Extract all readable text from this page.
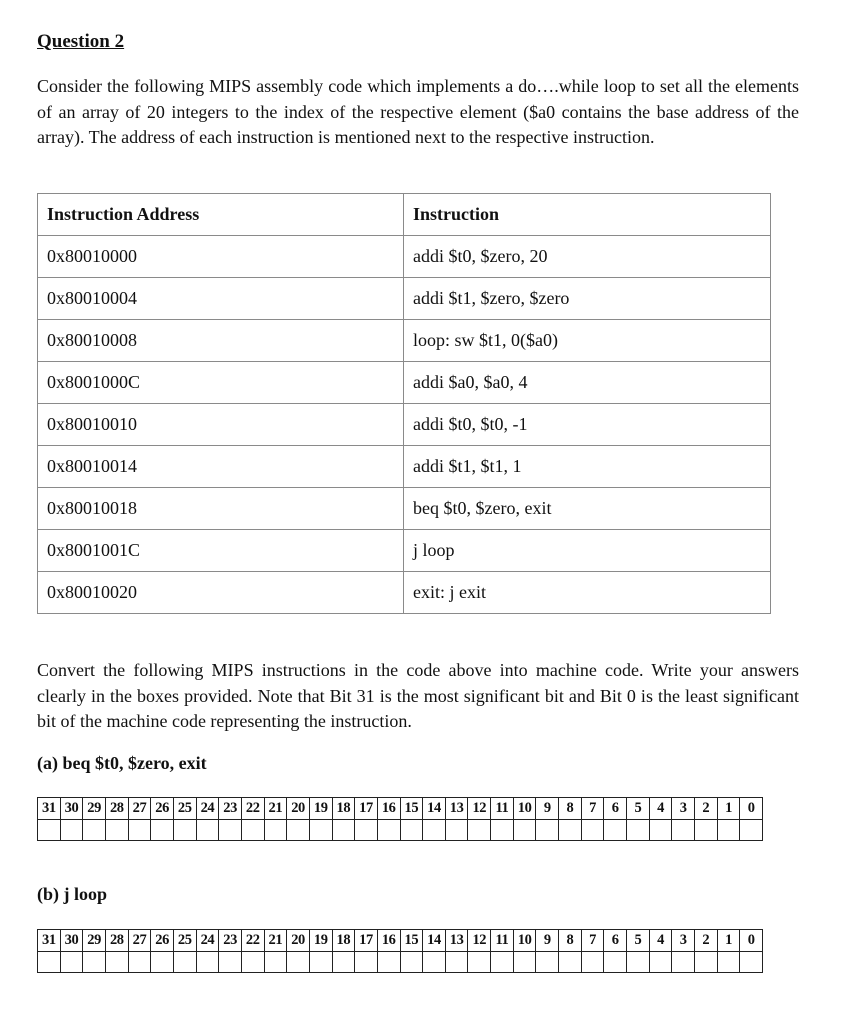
Question 2

Consider the following MIPS assembly code which implements a do….while loop to set all the elements of an array of 20 integers to the index of the respective element ($a0 contains the base address of the array). The address of each instruction is mentioned next to the respective instruction.

Instruction Address	Instruction
0x80010000	addi $t0, $zero, 20
0x80010004	addi $t1, $zero, $zero
0x80010008	loop: sw $t1, 0($a0)
0x8001000C	addi $a0, $a0, 4
0x80010010	addi $t0, $t0, -1
0x80010014	addi $t1, $t1, 1
0x80010018	beq $t0, $zero, exit
0x8001001C	j loop
0x80010020	exit: j exit

Convert the following MIPS instructions in the code above into machine code. Write your answers clearly in the boxes provided. Note that Bit 31 is the most significant bit and Bit 0 is the least significant bit of the machine code representing the instruction.

(a) beq $t0, $zero, exit
31	30	29	28	27	26	25	24	23	22	21	20	19	18	17	16	15	14	13	12	11	10	9	8	7	6	5	4	3	2	1	0

(b) j loop
31	30	29	28	27	26	25	24	23	22	21	20	19	18	17	16	15	14	13	12	11	10	9	8	7	6	5	4	3	2	1	0
